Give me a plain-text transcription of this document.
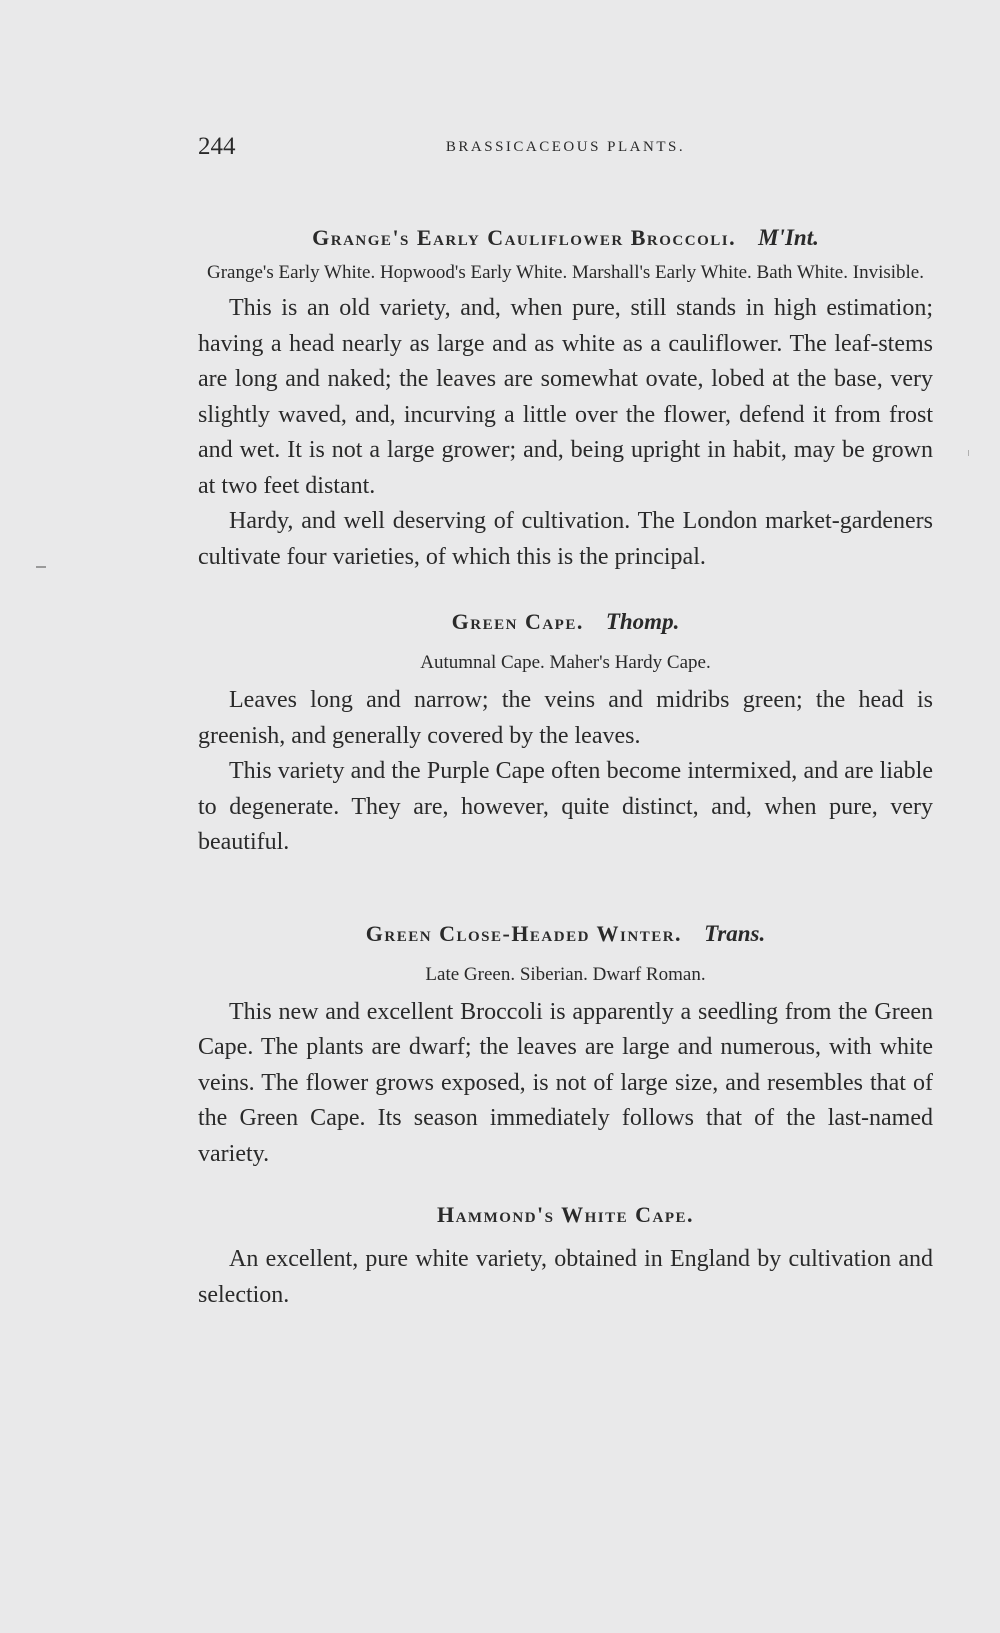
244	BRASSICACEOUS PLANTS.
Grange's Early Cauliflower Broccoli. M'Int.

Grange's Early White. Hopwood's Early White. Marshall's Early White. Bath White. Invisible.

This is an old variety, and, when pure, still stands in high estimation; having a head nearly as large and as white as a cauliflower. The leaf-stems are long and naked; the leaves are somewhat ovate, lobed at the base, very slightly waved, and, incurving a little over the flower, defend it from frost and wet. It is not a large grower; and, being upright in habit, may be grown at two feet distant.

Hardy, and well deserving of cultivation. The London market-gardeners cultivate four varieties, of which this is the principal.

Green Cape. Thomp.

Autumnal Cape. Maher's Hardy Cape.

Leaves long and narrow; the veins and midribs green; the head is greenish, and generally covered by the leaves.

This variety and the Purple Cape often become intermixed, and are liable to degenerate. They are, however, quite distinct, and, when pure, very beautiful.

Green Close-Headed Winter. Trans.

Late Green. Siberian. Dwarf Roman.

This new and excellent Broccoli is apparently a seedling from the Green Cape. The plants are dwarf; the leaves are large and numerous, with white veins. The flower grows exposed, is not of large size, and resembles that of the Green Cape. Its season immediately follows that of the last-named variety.

Hammond's White Cape.

An excellent, pure white variety, obtained in England by cultivation and selection.
